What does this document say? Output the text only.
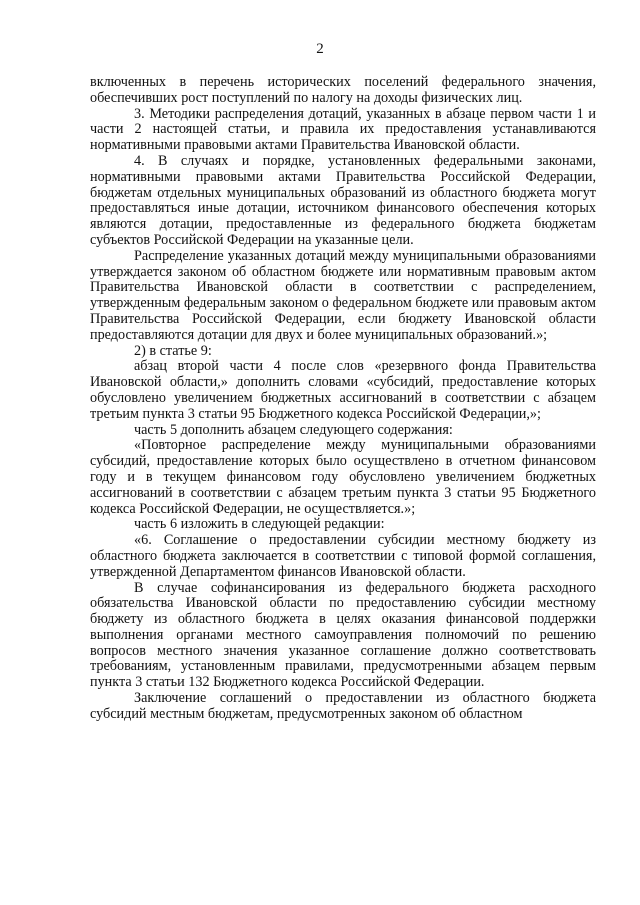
2

включенных в перечень исторических поселений федерального значения, обеспечивших рост поступлений по налогу на доходы физических лиц.

3. Методики распределения дотаций, указанных в абзаце первом части 1 и части 2 настоящей статьи, и правила их предоставления устанавливаются нормативными правовыми актами Правительства Ивановской области.

4. В случаях и порядке, установленных федеральными законами, нормативными правовыми актами Правительства Российской Федерации, бюджетам отдельных муниципальных образований из областного бюджета могут предоставляться иные дотации, источником финансового обеспечения которых являются дотации, предоставленные из федерального бюджета бюджетам субъектов Российской Федерации на указанные цели.

Распределение указанных дотаций между муниципальными образованиями утверждается законом об областном бюджете или нормативным правовым актом Правительства Ивановской области в соответствии с распределением, утвержденным федеральным законом о федеральном бюджете или правовым актом Правительства Российской Федерации, если бюджету Ивановской области предоставляются дотации для двух и более муниципальных образований.»;

2) в статье 9:

абзац второй части 4 после слов «резервного фонда Правительства Ивановской области,» дополнить словами «субсидий, предоставление которых обусловлено увеличением бюджетных ассигнований в соответствии с абзацем третьим пункта 3 статьи 95 Бюджетного кодекса Российской Федерации,»;

часть 5 дополнить абзацем следующего содержания:

«Повторное распределение между муниципальными образованиями субсидий, предоставление которых было осуществлено в отчетном финансовом году и в текущем финансовом году обусловлено увеличением бюджетных ассигнований в соответствии с абзацем третьим пункта 3 статьи 95 Бюджетного кодекса Российской Федерации, не осуществляется.»;

часть 6 изложить в следующей редакции:

«6. Соглашение о предоставлении субсидии местному бюджету из областного бюджета заключается в соответствии с типовой формой соглашения, утвержденной Департаментом финансов Ивановской области.

В случае софинансирования из федерального бюджета расходного обязательства Ивановской области по предоставлению субсидии местному бюджету из областного бюджета в целях оказания финансовой поддержки выполнения органами местного самоуправления полномочий по решению вопросов местного значения указанное соглашение должно соответствовать требованиям, установленным правилами, предусмотренными абзацем первым пункта 3 статьи 132 Бюджетного кодекса Российской Федерации.

Заключение соглашений о предоставлении из областного бюджета субсидий местным бюджетам, предусмотренных законом об областном
